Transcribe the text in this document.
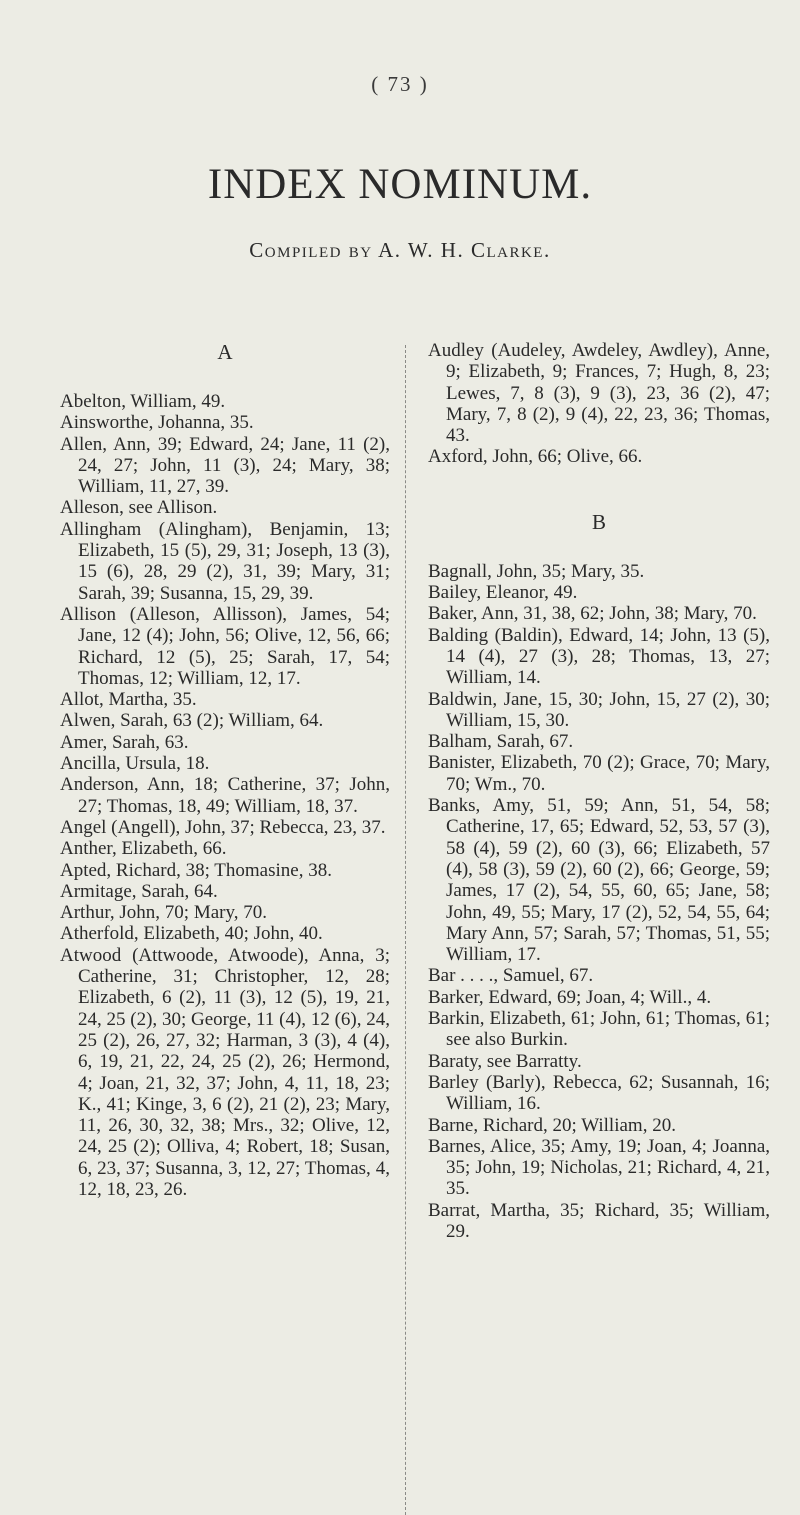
( 73 )
INDEX NOMINUM.
Compiled by A. W. H. Clarke.
A

Abelton, William, 49.

Ainsworthe, Johanna, 35.

Allen, Ann, 39; Edward, 24; Jane, 11 (2), 24, 27; John, 11 (3), 24; Mary, 38; William, 11, 27, 39.

Alleson, see Allison.

Allingham (Alingham), Benjamin, 13; Elizabeth, 15 (5), 29, 31; Joseph, 13 (3), 15 (6), 28, 29 (2), 31, 39; Mary, 31; Sarah, 39; Susanna, 15, 29, 39.

Allison (Alleson, Allisson), James, 54; Jane, 12 (4); John, 56; Olive, 12, 56, 66; Richard, 12 (5), 25; Sarah, 17, 54; Thomas, 12; William, 12, 17.

Allot, Martha, 35.

Alwen, Sarah, 63 (2); William, 64.

Amer, Sarah, 63.

Ancilla, Ursula, 18.

Anderson, Ann, 18; Catherine, 37; John, 27; Thomas, 18, 49; William, 18, 37.

Angel (Angell), John, 37; Rebecca, 23, 37.

Anther, Elizabeth, 66.

Apted, Richard, 38; Thomasine, 38.

Armitage, Sarah, 64.

Arthur, John, 70; Mary, 70.

Atherfold, Elizabeth, 40; John, 40.

Atwood (Attwoode, Atwoode), Anna, 3; Catherine, 31; Christopher, 12, 28; Elizabeth, 6 (2), 11 (3), 12 (5), 19, 21, 24, 25 (2), 30; George, 11 (4), 12 (6), 24, 25 (2), 26, 27, 32; Harman, 3 (3), 4 (4), 6, 19, 21, 22, 24, 25 (2), 26; Hermond, 4; Joan, 21, 32, 37; John, 4, 11, 18, 23; K., 41; Kinge, 3, 6 (2), 21 (2), 23; Mary, 11, 26, 30, 32, 38; Mrs., 32; Olive, 12, 24, 25 (2); Olliva, 4; Robert, 18; Susan, 6, 23, 37; Susanna, 3, 12, 27; Thomas, 4, 12, 18, 23, 26.

Audley (Audeley, Awdeley, Awdley), Anne, 9; Elizabeth, 9; Frances, 7; Hugh, 8, 23; Lewes, 7, 8 (3), 9 (3), 23, 36 (2), 47; Mary, 7, 8 (2), 9 (4), 22, 23, 36; Thomas, 43.

Axford, John, 66; Olive, 66.

B

Bagnall, John, 35; Mary, 35.

Bailey, Eleanor, 49.

Baker, Ann, 31, 38, 62; John, 38; Mary, 70.

Balding (Baldin), Edward, 14; John, 13 (5), 14 (4), 27 (3), 28; Thomas, 13, 27; William, 14.

Baldwin, Jane, 15, 30; John, 15, 27 (2), 30; William, 15, 30.

Balham, Sarah, 67.

Banister, Elizabeth, 70 (2); Grace, 70; Mary, 70; Wm., 70.

Banks, Amy, 51, 59; Ann, 51, 54, 58; Catherine, 17, 65; Edward, 52, 53, 57 (3), 58 (4), 59 (2), 60 (3), 66; Elizabeth, 57 (4), 58 (3), 59 (2), 60 (2), 66; George, 59; James, 17 (2), 54, 55, 60, 65; Jane, 58; John, 49, 55; Mary, 17 (2), 52, 54, 55, 64; Mary Ann, 57; Sarah, 57; Thomas, 51, 55; William, 17.

Bar . . . ., Samuel, 67.

Barker, Edward, 69; Joan, 4; Will., 4.

Barkin, Elizabeth, 61; John, 61; Thomas, 61; see also Burkin.

Baraty, see Barratty.

Barley (Barly), Rebecca, 62; Susannah, 16; William, 16.

Barne, Richard, 20; William, 20.

Barnes, Alice, 35; Amy, 19; Joan, 4; Joanna, 35; John, 19; Nicholas, 21; Richard, 4, 21, 35.

Barrat, Martha, 35; Richard, 35; William, 29.
